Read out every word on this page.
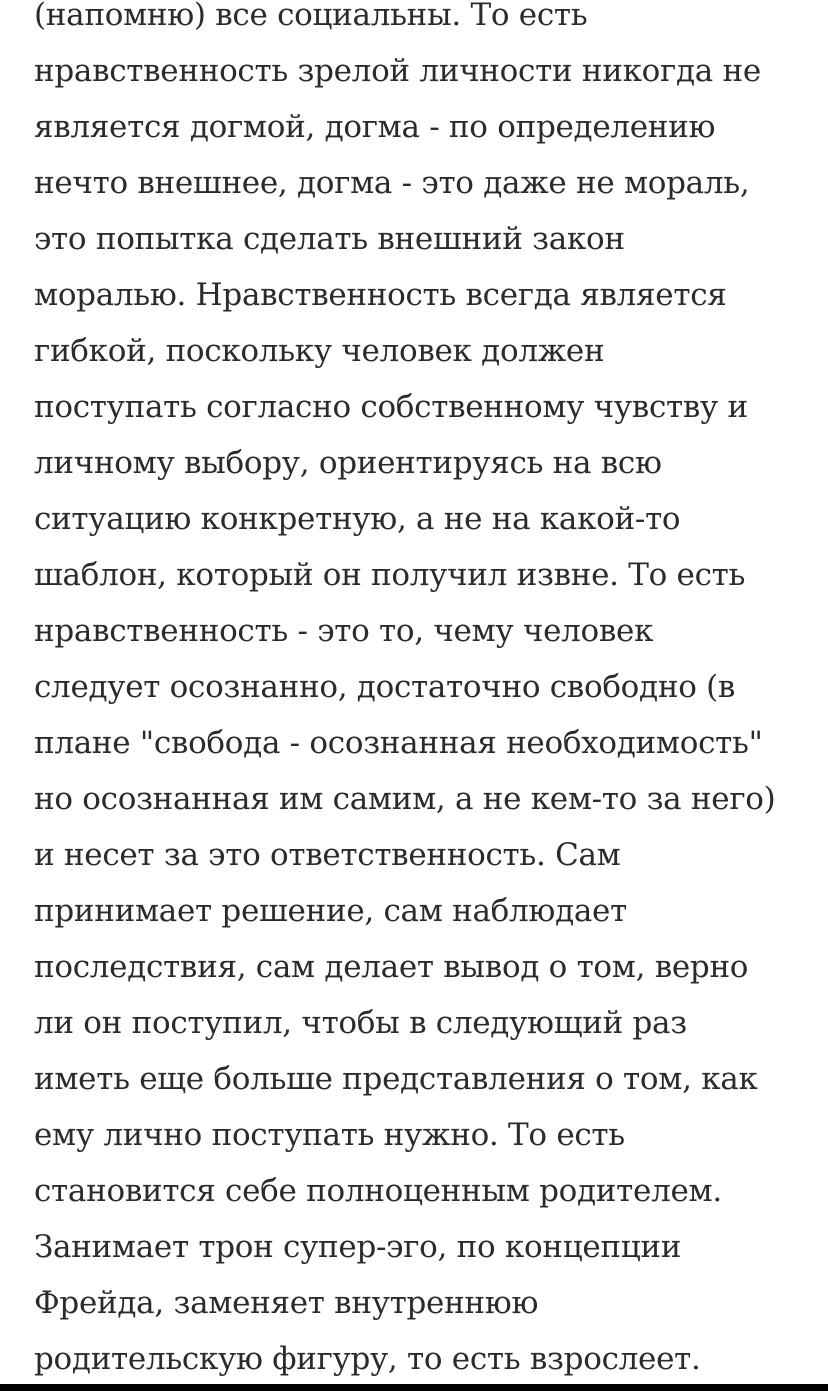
(напомню) все социальны. То есть
нравственность зрелой личности никогда не
является догмой, догма - по определению
нечто внешнее, догма - это даже не мораль,
это попытка сделать внешний закон
моралью. Нравственность всегда является
гибкой, поскольку человек должен
поступать согласно собственному чувству и
личному выбору, ориентируясь на всю
ситуацию конкретную, а не на какой-то
шаблон, который он получил извне. То есть
нравственность - это то, чему человек
следует осознанно, достаточно свободно (в
плане "свобода - осознанная необходимость"
но осознанная им самим, а не кем-то за него)
и несет за это ответственность. Сам
принимает решение, сам наблюдает
последствия, сам делает вывод о том, верно
ли он поступил, чтобы в следующий раз
иметь еще больше представления о том, как
ему лично поступать нужно. То есть
становится себе полноценным родителем.
Занимает трон супер-эго, по концепции
Фрейда, заменяет внутреннюю
родительскую фигуру, то есть взрослеет.
